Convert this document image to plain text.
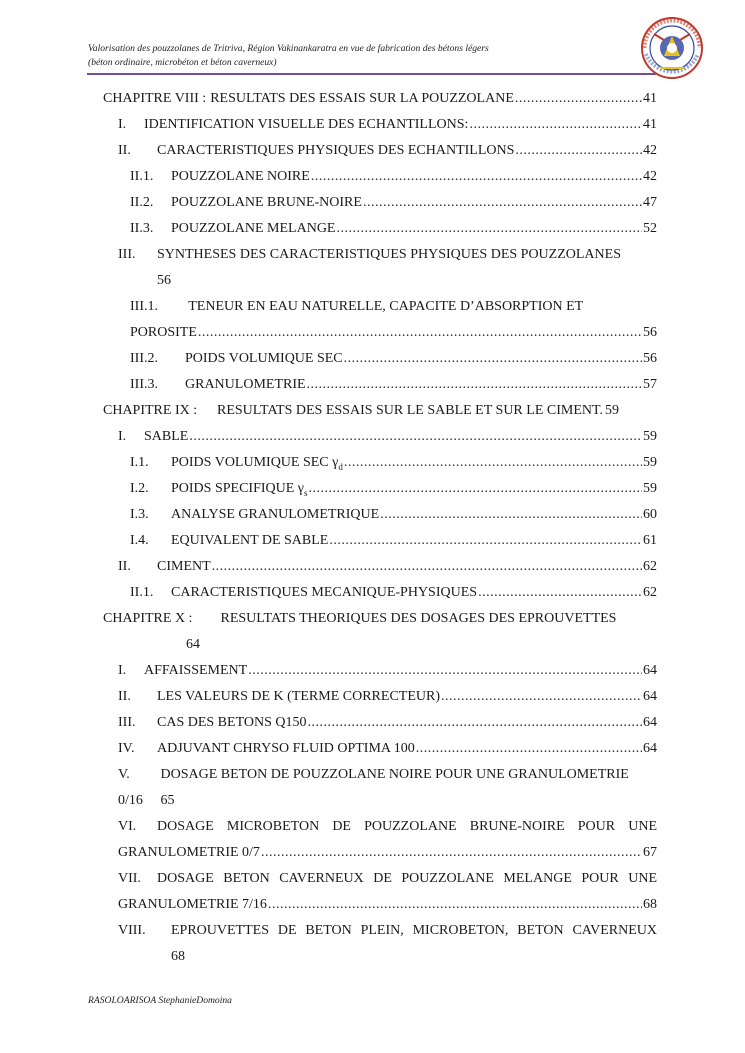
Valorisation des pouzzolanes de Tritriva, Région Vakinankaratra en vue de fabrication des bétons légers
(béton ordinaire, microbéton et béton caverneux)
CHAPITRE VIII : RESULTATS DES ESSAIS SUR LA POUZZOLANE .....	41
I.	IDENTIFICATION VISUELLE DES ECHANTILLONS: .....	41
II.	CARACTERISTIQUES PHYSIQUES DES ECHANTILLONS .....	42
II.1.	POUZZOLANE NOIRE .....	42
II.2.	POUZZOLANE BRUNE-NOIRE .....	47
II.3.	POUZZOLANE MELANGE .....	52
III.	SYNTHESES DES CARACTERISTIQUES PHYSIQUES DES POUZZOLANES
56
III.1. TENEUR EN EAU NATURELLE, CAPACITE D’ABSORPTION ET
POROSITE .....	56
III.2.	POIDS VOLUMIQUE SEC .....	56
III.3.	GRANULOMETRIE .....	57
CHAPITRE IX :	RESULTATS DES ESSAIS SUR LE SABLE ET SUR LE CIMENT. 59
I.	SABLE .....	59
I.1.	POIDS VOLUMIQUE SEC $\gamma_d$ .....	59
I.2.	POIDS SPECIFIQUE $\gamma_s$ .....	59
I.3.	ANALYSE GRANULOMETRIQUE .....	60
I.4.	EQUIVALENT DE SABLE .....	61
II.	CIMENT .....	62
II.1.	CARACTERISTIQUES MECANIQUE-PHYSIQUES .....	62
CHAPITRE X : RESULTATS THEORIQUES DES DOSAGES DES EPROUVETTES
64
I.	AFFAISSEMENT .....	64
II.	LES VALEURS DE K (TERME CORRECTEUR) .....	64
III.	CAS DES BETONS Q150 .....	64
IV.	ADJUVANT CHRYSO FLUID OPTIMA 100 .....	64
V. DOSAGE BETON DE POUZZOLANE NOIRE POUR UNE GRANULOMETRIE
0/16 65
VI.	DOSAGE MICROBETON DE POUZZOLANE BRUNE-NOIRE POUR UNE
GRANULOMETRIE 0/7 .....	67
VII.	DOSAGE BETON CAVERNEUX DE POUZZOLANE MELANGE POUR UNE
GRANULOMETRIE 7/16 .....	68
VIII.	EPROUVETTES DE BETON PLEIN, MICROBETON, BETON CAVERNEUX
68
RASOLOARISOA StephanieDomoina
